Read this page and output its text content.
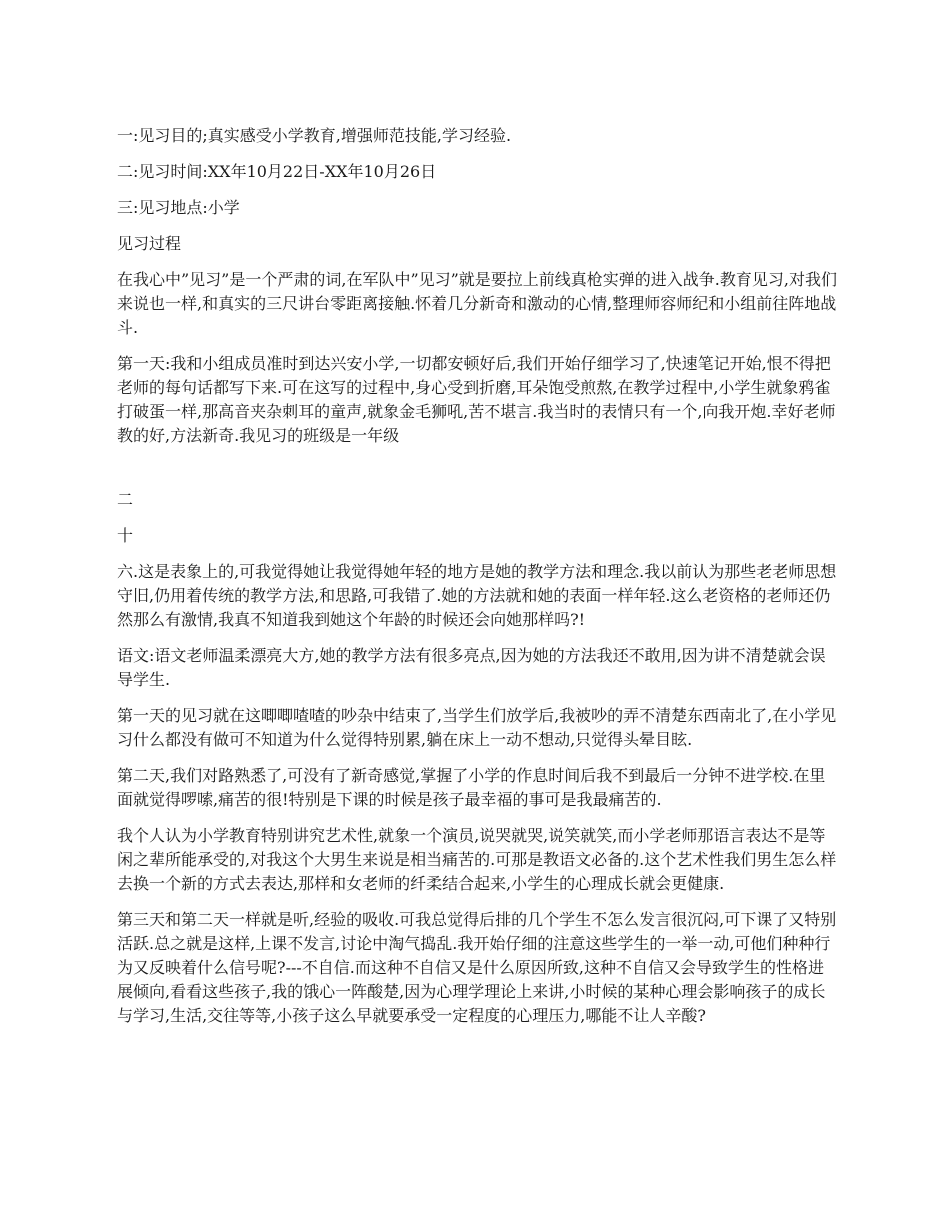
一:见习目的;真实感受小学教育,增强师范技能,学习经验.

二:见习时间:XX年10月22日-XX年10月26日

三:见习地点:小学

见习过程

在我心中”见习”是一个严肃的词,在军队中”见习”就是要拉上前线真枪实弹的进入战争.教育见习,对我们来说也一样,和真实的三尺讲台零距离接触.怀着几分新奇和激动的心情,整理师容师纪和小组前往阵地战斗.

第一天:我和小组成员准时到达兴安小学,一切都安顿好后,我们开始仔细学习了,快速笔记开始,恨不得把老师的每句话都写下来.可在这写的过程中,身心受到折磨,耳朵饱受煎熬,在教学过程中,小学生就象鸦雀打破蛋一样,那高音夹杂刺耳的童声,就象金毛狮吼,苦不堪言.我当时的表情只有一个,向我开炮.幸好老师教的好,方法新奇.我见习的班级是一年级

二

十

六.这是表象上的,可我觉得她让我觉得她年轻的地方是她的教学方法和理念.我以前认为那些老老师思想守旧,仍用着传统的教学方法,和思路,可我错了.她的方法就和她的表面一样年轻.这么老资格的老师还仍然那么有激情,我真不知道我到她这个年龄的时候还会向她那样吗?!

语文:语文老师温柔漂亮大方,她的教学方法有很多亮点,因为她的方法我还不敢用,因为讲不清楚就会误导学生.

第一天的见习就在这唧唧喳喳的吵杂中结束了,当学生们放学后,我被吵的弄不清楚东西南北了,在小学见习什么都没有做可不知道为什么觉得特别累,躺在床上一动不想动,只觉得头晕目眩.

第二天,我们对路熟悉了,可没有了新奇感觉,掌握了小学的作息时间后我不到最后一分钟不进学校.在里面就觉得啰嗦,痛苦的很!特别是下课的时候是孩子最幸福的事可是我最痛苦的.

我个人认为小学教育特别讲究艺术性,就象一个演员,说哭就哭,说笑就笑,而小学老师那语言表达不是等闲之辈所能承受的,对我这个大男生来说是相当痛苦的.可那是教语文必备的.这个艺术性我们男生怎么样去换一个新的方式去表达,那样和女老师的纤柔结合起来,小学生的心理成长就会更健康.

第三天和第二天一样就是听,经验的吸收.可我总觉得后排的几个学生不怎么发言很沉闷,可下课了又特别活跃.总之就是这样,上课不发言,讨论中淘气捣乱.我开始仔细的注意这些学生的一举一动,可他们种种行为又反映着什么信号呢?---不自信.而这种不自信又是什么原因所致,这种不自信又会导致学生的性格进展倾向,看看这些孩子,我的饿心一阵酸楚,因为心理学理论上来讲,小时候的某种心理会影响孩子的成长与学习,生活,交往等等,小孩子这么早就要承受一定程度的心理压力,哪能不让人辛酸?
